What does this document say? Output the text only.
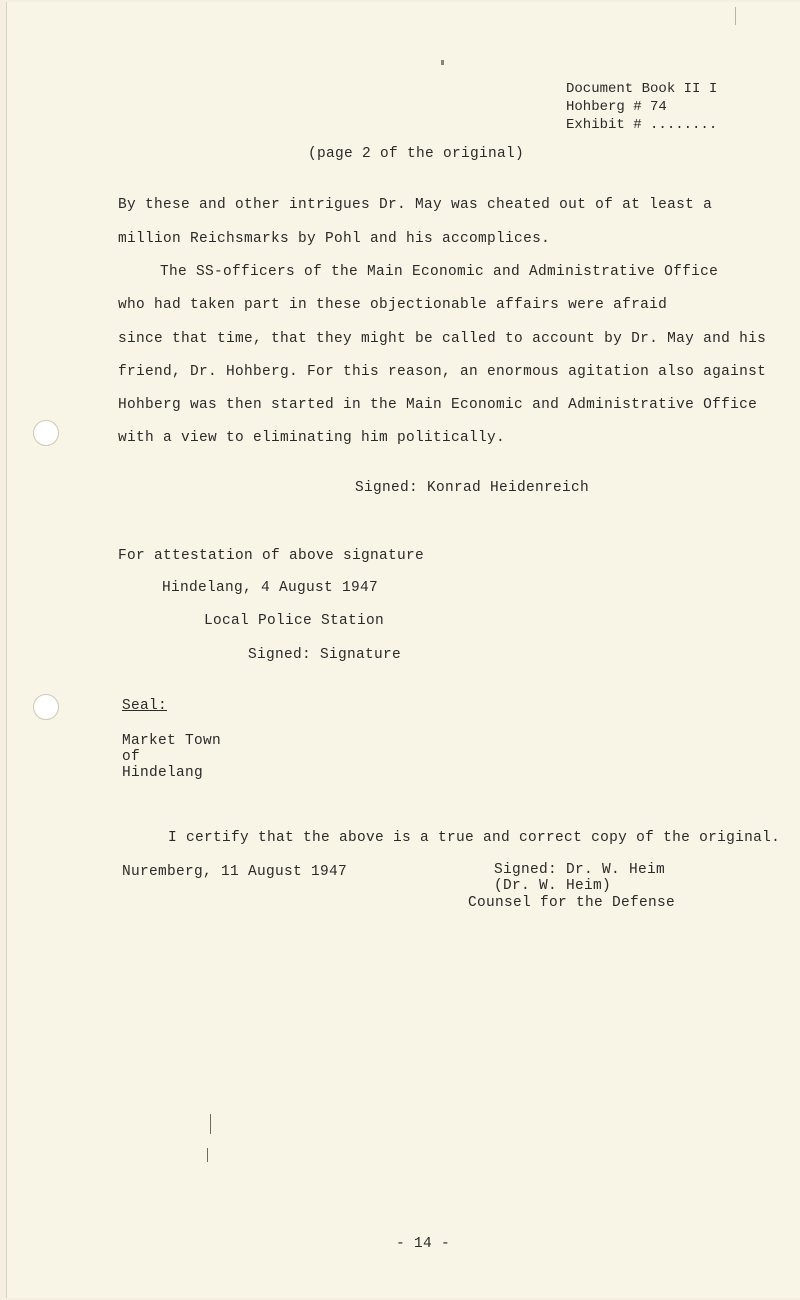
Document Book II I
Hohberg # 74
Exhibit # ........
(page 2 of the original)
By these and other intrigues Dr. May was cheated out of at least a
million Reichsmarks by Pohl and his accomplices.
The SS-officers of the Main Economic and Administrative Office
who had taken part in these objectionable affairs were afraid
since that time, that they might be called to account by Dr. May and his
friend, Dr. Hohberg. For this reason, an enormous agitation also against
Hohberg was then started in the Main Economic and Administrative Office
with a view to eliminating him politically.
Signed: Konrad Heidenreich
For attestation of above signature
Hindelang, 4 August 1947
Local Police Station
Signed: Signature
Seal:
Market Town
of
Hindelang
I certify that the above is a true and correct copy of the original.
Nuremberg, 11 August 1947	Signed: Dr. W. Heim
(Dr. W. Heim)
Counsel for the Defense
- 14 -
